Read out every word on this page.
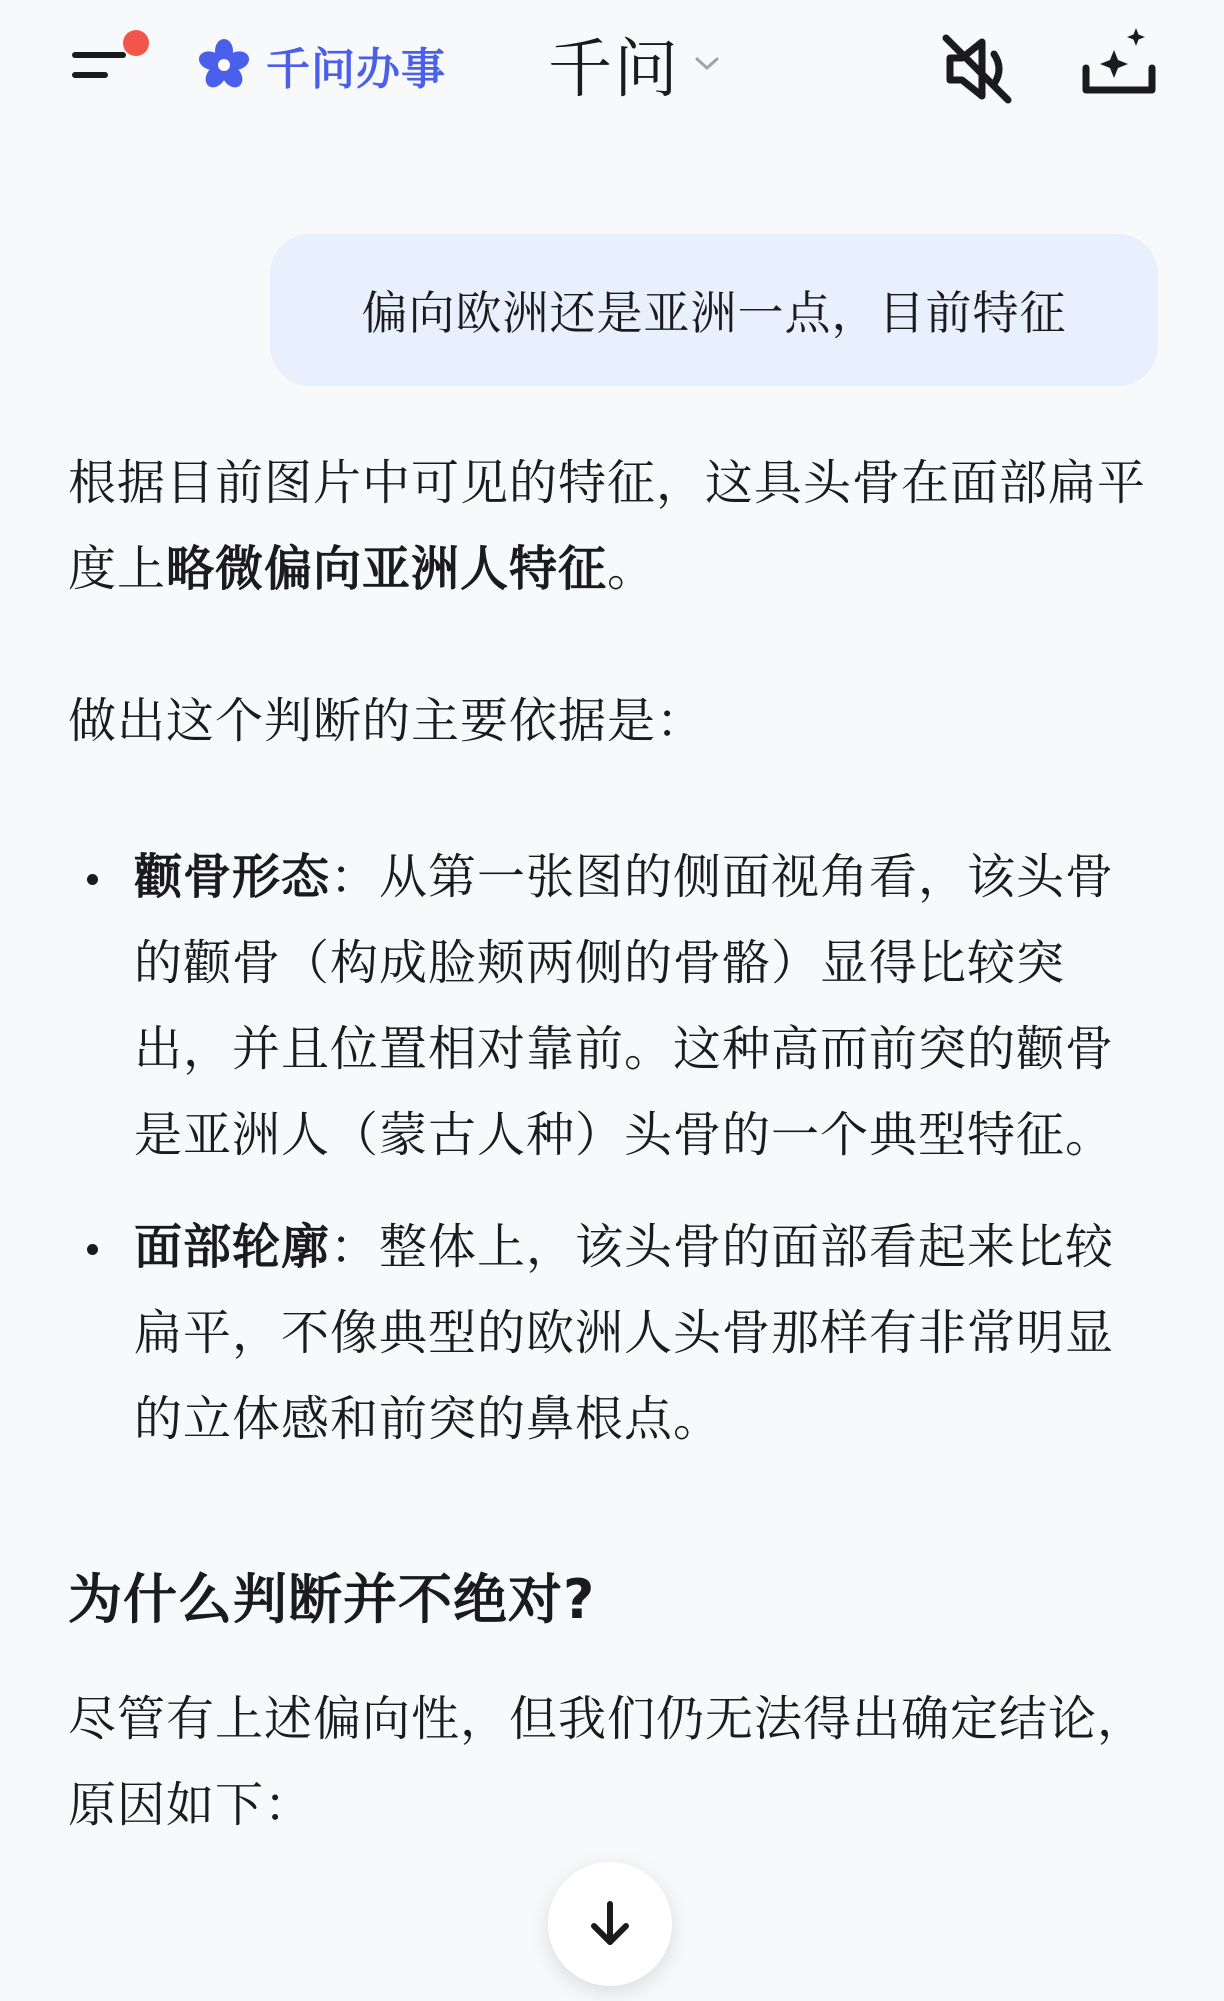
千问办事 千问
偏向欧洲还是亚洲一点，目前特征

根据目前图片中可见的特征，这具头骨在面部扁平度上略微偏向亚洲人特征。

做出这个判断的主要依据是：

颧骨形态：从第一张图的侧面视角看，该头骨的颧骨（构成脸颊两侧的骨骼）显得比较突出，并且位置相对靠前。这种高而前突的颧骨是亚洲人（蒙古人种）头骨的一个典型特征。
面部轮廓：整体上，该头骨的面部看起来比较扁平，不像典型的欧洲人头骨那样有非常明显的立体感和前突的鼻根点。
为什么判断并不绝对?

尽管有上述偏向性，但我们仍无法得出确定结论，原因如下：
